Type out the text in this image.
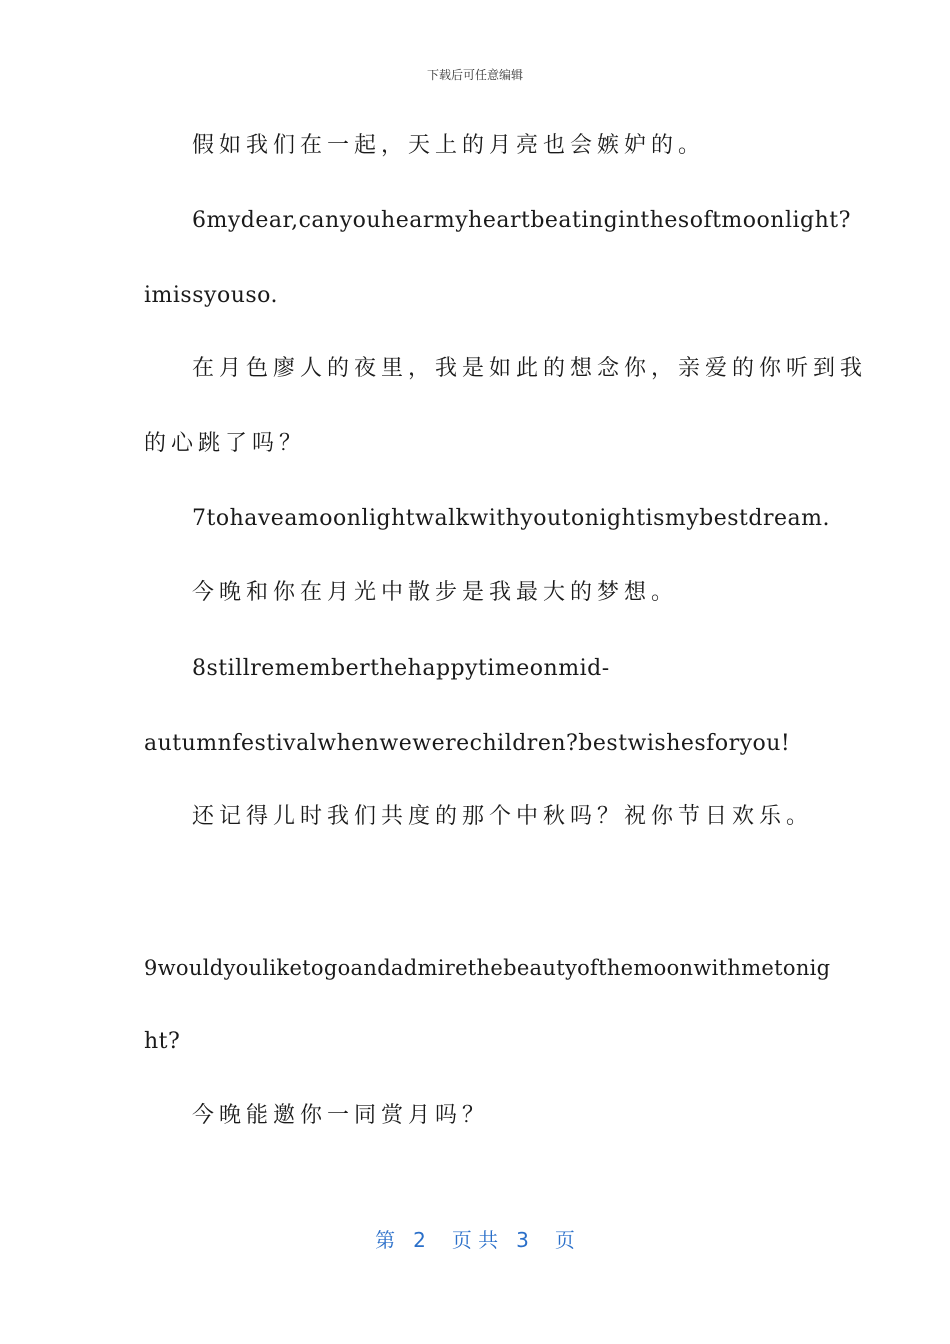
下载后可任意编辑
假如我们在一起，天上的月亮也会嫉妒的。
6mydear,canyouhearmyheartbeatinginthesoftmoonlight?
imissyouso.
在月色廖人的夜里，我是如此的想念你，亲爱的你听到我
的心跳了吗？
7tohaveamoonlightwalkwithyoutonightismybestdream.
今晚和你在月光中散步是我最大的梦想。
8stillrememberthehappytimeonmid-
autumnfestivalwhenwewerechildren?bestwishesforyou!
还记得儿时我们共度的那个中秋吗？祝你节日欢乐。
9wouldyouliketogoandadmirethebeautyofthemoonwithmetonig
ht?
今晚能邀你一同赏月吗？
第 2 页 共 3 页
